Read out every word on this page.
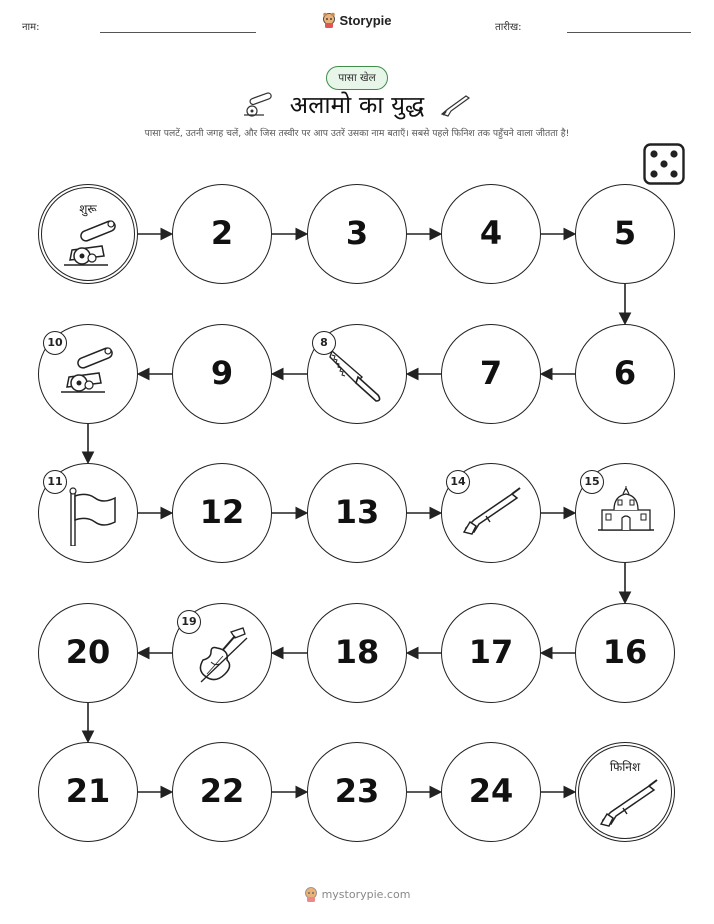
नाम:	Storypie	तारीख:
पासा खेल
अलामो का युद्ध
पासा पलटें, उतनी जगह चलें, और जिस तस्वीर पर आप उतरें उसका नाम बताएँ। सबसे पहले फिनिश तक पहुँचने वाला जीतता है!
शुरू
2	3	4	5
6
7
8
9
10
11
12	13
14	15
16
17
18
19
20
21	22	23	24
फिनिश
mystorypie.com
